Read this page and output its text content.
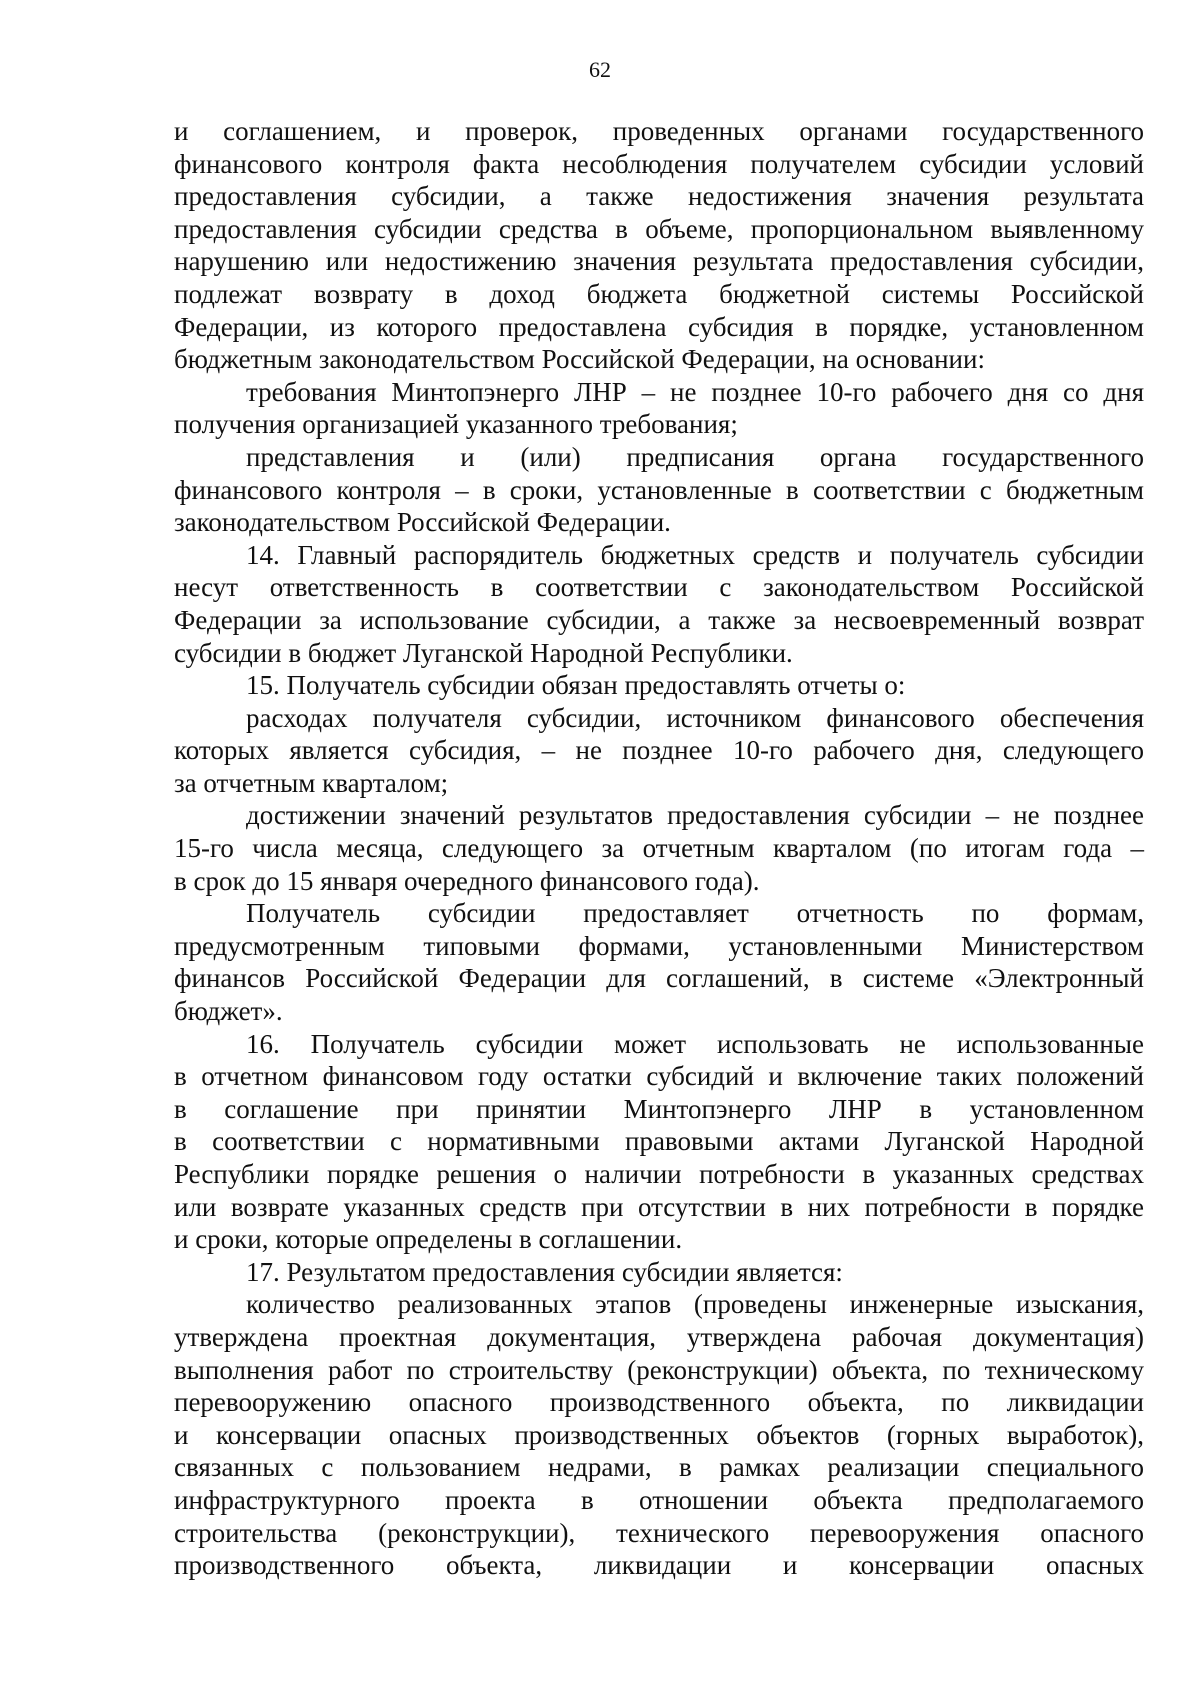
62

и соглашением, и проверок, проведенных органами государственного

финансового контроля факта несоблюдения получателем субсидии условий

предоставления субсидии, а также недостижения значения результата

предоставления субсидии средства в объеме, пропорциональном выявленному

нарушению или недостижению значения результата предоставления субсидии,

подлежат возврату в доход бюджета бюджетной системы Российской

Федерации, из которого предоставлена субсидия в порядке, установленном

бюджетным законодательством Российской Федерации, на основании:

требования Минтопэнерго ЛНР – не позднее 10-го рабочего дня со дня

получения организацией указанного требования;

представления и (или) предписания органа государственного

финансового контроля – в сроки, установленные в соответствии с бюджетным

законодательством Российской Федерации.

14. Главный распорядитель бюджетных средств и получатель субсидии

несут ответственность в соответствии с законодательством Российской

Федерации за использование субсидии, а также за несвоевременный возврат

субсидии в бюджет Луганской Народной Республики.

15. Получатель субсидии обязан предоставлять отчеты о:

расходах получателя субсидии, источником финансового обеспечения

которых является субсидия, – не позднее 10-го рабочего дня, следующего

за отчетным кварталом;

достижении значений результатов предоставления субсидии – не позднее

15-го числа месяца, следующего за отчетным кварталом (по итогам года –

в срок до 15 января очередного финансового года).

Получатель субсидии предоставляет отчетность по формам,

предусмотренным типовыми формами, установленными Министерством

финансов Российской Федерации для соглашений, в системе «Электронный

бюджет».

16. Получатель субсидии может использовать не использованные

в отчетном финансовом году остатки субсидий и включение таких положений

в соглашение при принятии Минтопэнерго ЛНР в установленном

в соответствии с нормативными правовыми актами Луганской Народной

Республики порядке решения о наличии потребности в указанных средствах

или возврате указанных средств при отсутствии в них потребности в порядке

и сроки, которые определены в соглашении.

17. Результатом предоставления субсидии является:

количество реализованных этапов (проведены инженерные изыскания,

утверждена проектная документация, утверждена рабочая документация)

выполнения работ по строительству (реконструкции) объекта, по техническому

перевооружению опасного производственного объекта, по ликвидации

и консервации опасных производственных объектов (горных выработок),

связанных с пользованием недрами, в рамках реализации специального

инфраструктурного проекта в отношении объекта предполагаемого

строительства (реконструкции), технического перевооружения опасного

производственного объекта, ликвидации и консервации опасных
